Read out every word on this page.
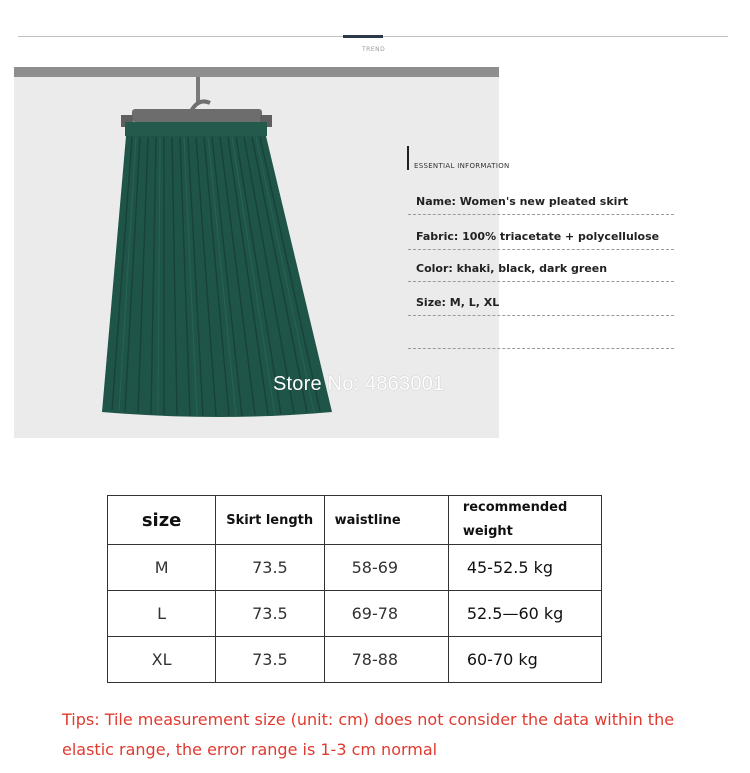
TREND
Store No: 4863001
ESSENTIAL INFORMATION
Name: Women's new pleated skirt
Fabric: 100% triacetate + polycellulose
Color: khaki, black, dark green
Size: M, L, XL
size	Skirt length	waistline	recommended weight
M	73.5	58-69	45-52.5 kg
L	73.5	69-78	52.5—60 kg
XL	73.5	78-88	60-70 kg
Tips: Tile measurement size (unit: cm) does not consider the data within the elastic range, the error range is 1-3 cm normal
